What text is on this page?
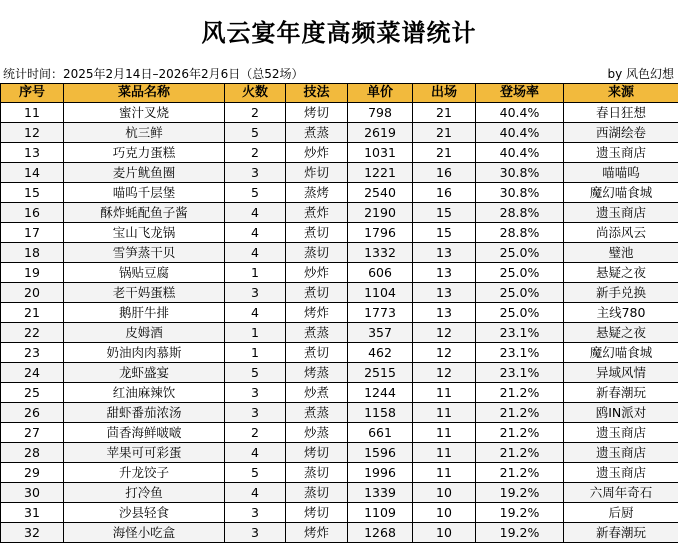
风云宴年度高频菜谱统计
统计时间：2025年2月14日–2026年2月6日（总52场）	by 风色幻想
序号	菜品名称	火数	技法	单价	出场	登场率	来源
11	蜜汁叉烧	2	烤切	798	21	40.4%	春日狂想
12	杭三鲜	5	煮蒸	2619	21	40.4%	西湖绘卷
13	巧克力蛋糕	2	炒炸	1031	21	40.4%	遗玉商店
14	麦片鱿鱼圈	3	炸切	1221	16	30.8%	喵喵呜
15	喵呜千层堡	5	蒸烤	2540	16	30.8%	魔幻喵食城
16	酥炸蚝配鱼子酱	4	煮炸	2190	15	28.8%	遗玉商店
17	宝山飞龙锅	4	煮切	1796	15	28.8%	尚添风云
18	雪笋蒸干贝	4	蒸切	1332	13	25.0%	璧池
19	锅贴豆腐	1	炒炸	606	13	25.0%	悬疑之夜
20	老干妈蛋糕	3	煮切	1104	13	25.0%	新手兑换
21	鹅肝牛排	4	烤炸	1773	13	25.0%	主线780
22	皮姆酒	1	煮蒸	357	12	23.1%	悬疑之夜
23	奶油肉肉慕斯	1	煮切	462	12	23.1%	魔幻喵食城
24	龙虾盛宴	5	烤蒸	2515	12	23.1%	异域风情
25	红油麻辣饮	3	炒煮	1244	11	21.2%	新春潮玩
26	甜虾番茄浓汤	3	煮蒸	1158	11	21.2%	鸥IN派对
27	茴香海鲜啵啵	2	炒蒸	661	11	21.2%	遗玉商店
28	苹果可可彩蛋	4	烤切	1596	11	21.2%	遗玉商店
29	升龙饺子	5	蒸切	1996	11	21.2%	遗玉商店
30	打冷鱼	4	蒸切	1339	10	19.2%	六周年奇石
31	沙县轻食	3	烤切	1109	10	19.2%	后厨
32	海怪小吃盒	3	烤炸	1268	10	19.2%	新春潮玩
